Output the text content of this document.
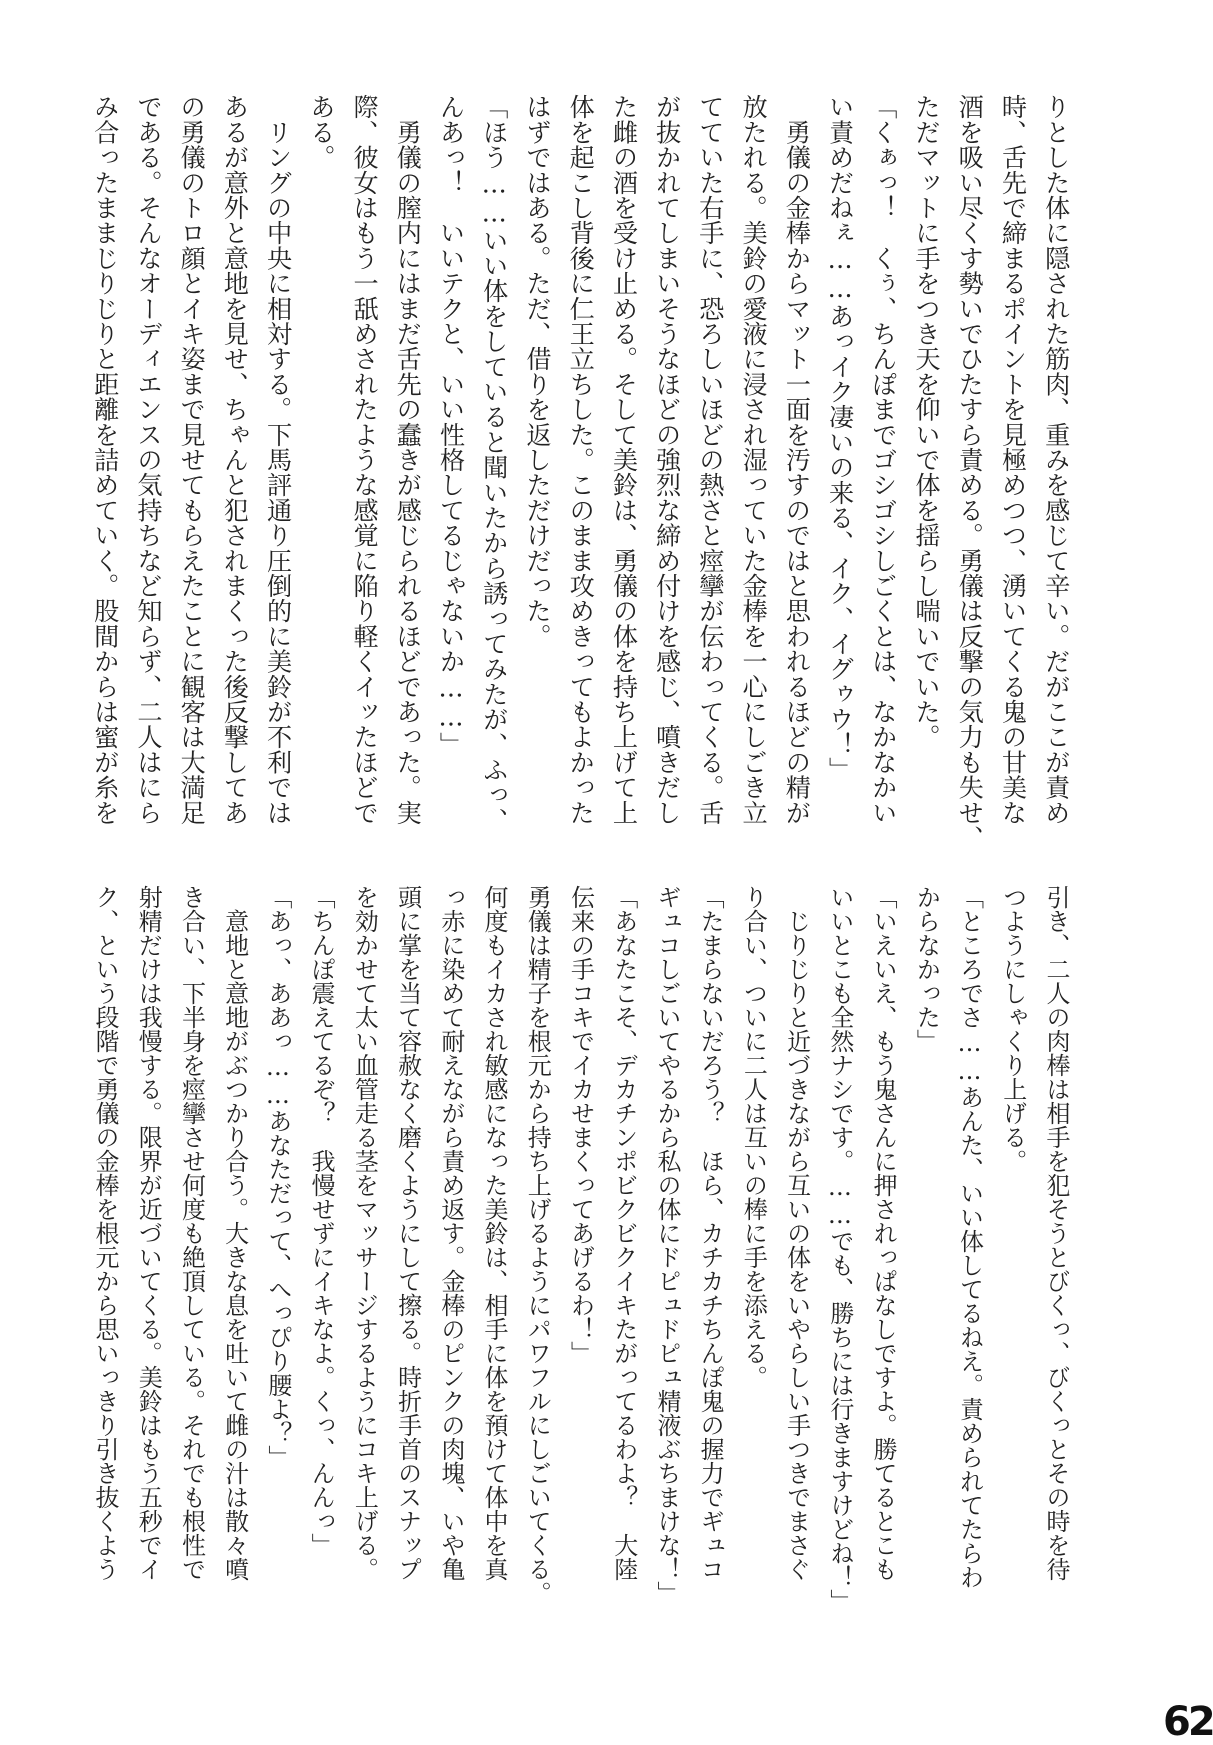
りとした体に隠された筋肉、重みを感じて辛い。だがここが責め
時、舌先で締まるポイントを見極めつつ、湧いてくる鬼の甘美な
酒を吸い尽くす勢いでひたすら責める。勇儀は反撃の気力も失せ、
ただマットに手をつき天を仰いで体を揺らし喘いでいた。
「くぁっ！　くぅ、ちんぽまでゴシゴシしごくとは、なかなかい
い責めだねぇ……あっイク凄いの来る、イク、イグゥウ！」
　勇儀の金棒からマット一面を汚すのではと思われるほどの精が
放たれる。美鈴の愛液に浸され湿っていた金棒を一心にしごき立
てていた右手に、恐ろしいほどの熱さと痙攣が伝わってくる。舌
が抜かれてしまいそうなほどの強烈な締め付けを感じ、噴きだし
た雌の酒を受け止める。そして美鈴は、勇儀の体を持ち上げて上
体を起こし背後に仁王立ちした。このまま攻めきってもよかった
はずではある。ただ、借りを返しただけだった。
「ほう……いい体をしていると聞いたから誘ってみたが、ふっ、
んあっ！　いいテクと、いい性格してるじゃないか……」
　勇儀の膣内にはまだ舌先の蠢きが感じられるほどであった。実
際、彼女はもう一舐めされたような感覚に陥り軽くイッたほどで
ある。
　リングの中央に相対する。下馬評通り圧倒的に美鈴が不利では
あるが意外と意地を見せ、ちゃんと犯されまくった後反撃してあ
の勇儀のトロ顔とイキ姿まで見せてもらえたことに観客は大満足
である。そんなオーディエンスの気持ちなど知らず、二人はにら
み合ったままじりじりと距離を詰めていく。股間からは蜜が糸を
引き、二人の肉棒は相手を犯そうとびくっ、びくっとその時を待
つようにしゃくり上げる。
「ところでさ……あんた、いい体してるねえ。責められてたらわ
からなかった」
「いえいえ、もう鬼さんに押されっぱなしですよ。勝てるとこも
いいとこも全然ナシです。……でも、勝ちには行きますけどね！」
　じりじりと近づきながら互いの体をいやらしい手つきでまさぐ
り合い、ついに二人は互いの棒に手を添える。
「たまらないだろう？　ほら、カチカチちんぽ鬼の握力でギュコ
ギュコしごいてやるから私の体にドピュドピュ精液ぶちまけな！」
「あなたこそ、デカチンポビクビクイキたがってるわよ？　大陸
伝来の手コキでイカせまくってあげるわ！」
勇儀は精子を根元から持ち上げるようにパワフルにしごいてくる。
何度もイカされ敏感になった美鈴は、相手に体を預けて体中を真
っ赤に染めて耐えながら責め返す。金棒のピンクの肉塊、いや亀
頭に掌を当て容赦なく磨くようにして擦る。時折手首のスナップ
を効かせて太い血管走る茎をマッサージするようにコキ上げる。
「ちんぽ震えてるぞ？　我慢せずにイキなよ。くっ、んんっ」
「あっ、ああっ……あなただって、へっぴり腰よ？」
　意地と意地がぶつかり合う。大きな息を吐いて雌の汁は散々噴
き合い、下半身を痙攣させ何度も絶頂している。それでも根性で
射精だけは我慢する。限界が近づいてくる。美鈴はもう五秒でイ
ク、という段階で勇儀の金棒を根元から思いっきり引き抜くよう
62
